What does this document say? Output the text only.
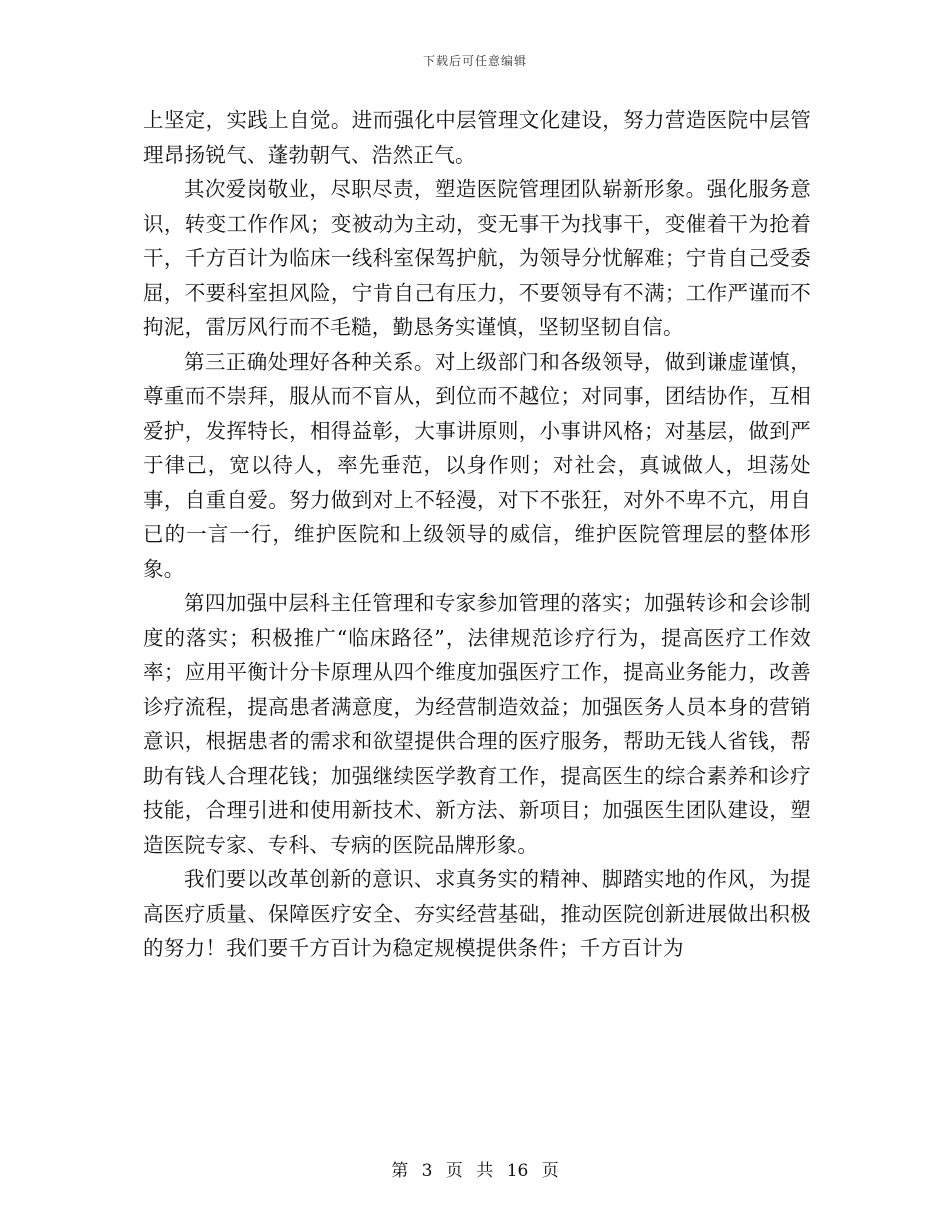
下载后可任意编辑

上坚定，实践上自觉。进而强化中层管理文化建设，努力营造医院中层管理昂扬锐气、蓬勃朝气、浩然正气。

其次爱岗敬业，尽职尽责，塑造医院管理团队崭新形象。强化服务意识，转变工作作风；变被动为主动，变无事干为找事干，变催着干为抢着干，千方百计为临床一线科室保驾护航，为领导分忧解难；宁肯自己受委屈，不要科室担风险，宁肯自己有压力，不要领导有不满；工作严谨而不拘泥，雷厉风行而不毛糙，勤恳务实谨慎，坚韧坚韧自信。

第三正确处理好各种关系。对上级部门和各级领导，做到谦虚谨慎，尊重而不崇拜，服从而不盲从，到位而不越位；对同事，团结协作，互相爱护，发挥特长，相得益彰，大事讲原则，小事讲风格；对基层，做到严于律己，宽以待人，率先垂范，以身作则；对社会，真诚做人，坦荡处事，自重自爱。努力做到对上不轻漫，对下不张狂，对外不卑不亢，用自已的一言一行，维护医院和上级领导的威信，维护医院管理层的整体形象。

第四加强中层科主任管理和专家参加管理的落实；加强转诊和会诊制度的落实；积极推广“临床路径”，法律规范诊疗行为，提高医疗工作效率；应用平衡计分卡原理从四个维度加强医疗工作，提高业务能力，改善诊疗流程，提高患者满意度，为经营制造效益；加强医务人员本身的营销意识，根据患者的需求和欲望提供合理的医疗服务，帮助无钱人省钱，帮助有钱人合理花钱；加强继续医学教育工作，提高医生的综合素养和诊疗技能，合理引进和使用新技术、新方法、新项目；加强医生团队建设，塑造医院专家、专科、专病的医院品牌形象。

我们要以改革创新的意识、求真务实的精神、脚踏实地的作风，为提高医疗质量、保障医疗安全、夯实经营基础，推动医院创新进展做出积极的努力！我们要千方百计为稳定规模提供条件；千方百计为

第 3 页 共 16 页
